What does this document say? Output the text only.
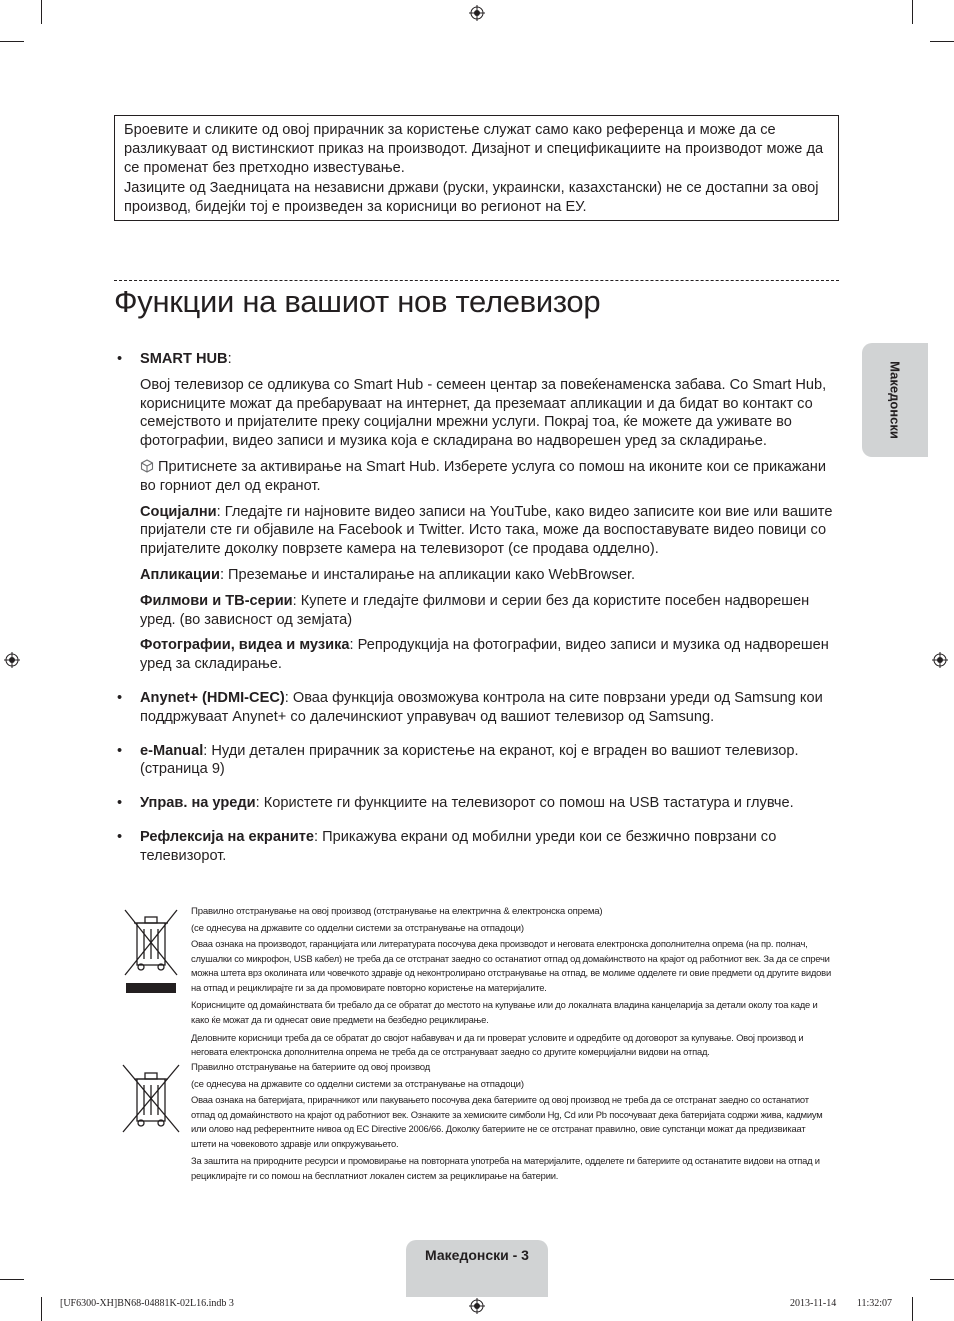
Броевите и сликите од овој прирачник за користење служат само како референца и може да се разликуваат од вистинскиот приказ на производот. Дизајнот и спецификациите на производот може да се променат без претходно известување.

Јазиците од Заедницата на независни држави (руски, украински, казахстански) не се достапни за овој производ, бидејќи тој е произведен за корисници во регионот на ЕУ.

Функции на вашиот нов телевизор
Македонски
• SMART HUB:

Овој телевизор се одликува со Smart Hub - семеен центар за повеќенаменска забава. Со Smart Hub, корисниците можат да пребаруваат на интернет, да преземаат апликации и да бидат во контакт со семејството и пријателите преку социјални мрежни услуги. Покрај тоа, ќе можете да уживате во фотографии, видео записи и музика која е складирана во надворешен уред за складирање.

Притиснете за активирање на Smart Hub. Изберете услуга со помош на иконите кои се прикажани во горниот дел од екранот.

Социјални: Гледајте ги најновите видео записи на YouTube, како видео записите кои вие или вашите пријатели сте ги објавиле на Facebook и Twitter. Исто така, може да воспоставувате видео повици со пријателите доколку поврзете камера на телевизорот (се продава одделно).

Апликации: Преземање и инсталирање на апликации како WebBrowser.

Филмови и ТВ-серии: Купете и гледајте филмови и серии без да користите посебен надворешен уред. (во зависност од земјата)

Фотографии, видеа и музика: Репродукција на фотографии, видео записи и музика од надворешен уред за складирање.

• Anynet+ (HDMI-CEC): Оваа функција овозможува контрола на сите поврзани уреди од Samsung кои поддржуваат Anynet+ со далечинскиот управувач од вашиот телевизор од Samsung.

• e-Manual: Нуди детален прирачник за користење на екранот, кој е вграден во вашиот телевизор. (страница 9)

• Управ. на уреди: Користете ги функциите на телевизорот со помош на USB тастатура и глувче.

• Рефлексија на екраните: Прикажува екрани од мобилни уреди кои се безжично поврзани со телевизорот.

Правилно отстранување на овој производ (отстранување на електрична & електронска опрема)

(се однесува на државите со одделни системи за отстранување на отпадоци)

Оваа ознака на производот, гаранцијата или литературата посочува дека производот и неговата електронска дополнителна опрема (на пр. полнач, слушалки со микрофон, USB кабел) не треба да се отстранат заедно со останатиот отпад од домаќинството на крајот од работниот век. За да се спречи можна штета врз околината или човечкото здравје од неконтролирано отстранување на отпад, ве молиме одделете ги овие предмети од другите видови на отпад и рециклирајте ги за да промовирате повторно користење на материјалите.

Корисниците од домаќинствата би требало да се обратат до местото на купување или до локалната владина канцеларија за детали околу тоа каде и како ќе можат да ги однесат овие предмети на безбедно рециклирање.

Деловните корисници треба да се обратат до својот набавувач и да ги проверат условите и одредбите од договорот за купување. Овој производ и неговата електронска дополнителна опрема не треба да се отстрануваат заедно со другите комерцијални видови на отпад.

Правилно отстранување на батериите од овој производ

(се однесува на државите со одделни системи за отстранување на отпадоци)

Оваа ознака на батеријата, прирачникот или пакувањето посочува дека батериите од овој производ не треба да се отстранат заедно со останатиот отпад од домаќинството на крајот од работниот век. Ознаките за хемиските симболи Hg, Cd или Pb посочуваат дека батеријата содржи жива, кадмиум или олово над референтните нивоа од EC Directive 2006/66. Доколку батериите не се отстранат правилно, овие супстанци можат да предизвикаат штети на човековото здравје или опкружувањето.

За заштита на природните ресурси и промовирање на повторната употреба на материјалите, одделете ги батериите од останатите видови на отпад и рециклирајте ги со помош на бесплатниот локален систем за рециклирање на батерии.

Македонски - 3
[UF6300-XH]BN68-04881K-02L16.indb 3	2013-11-14 ￿￿ 11:32:07
